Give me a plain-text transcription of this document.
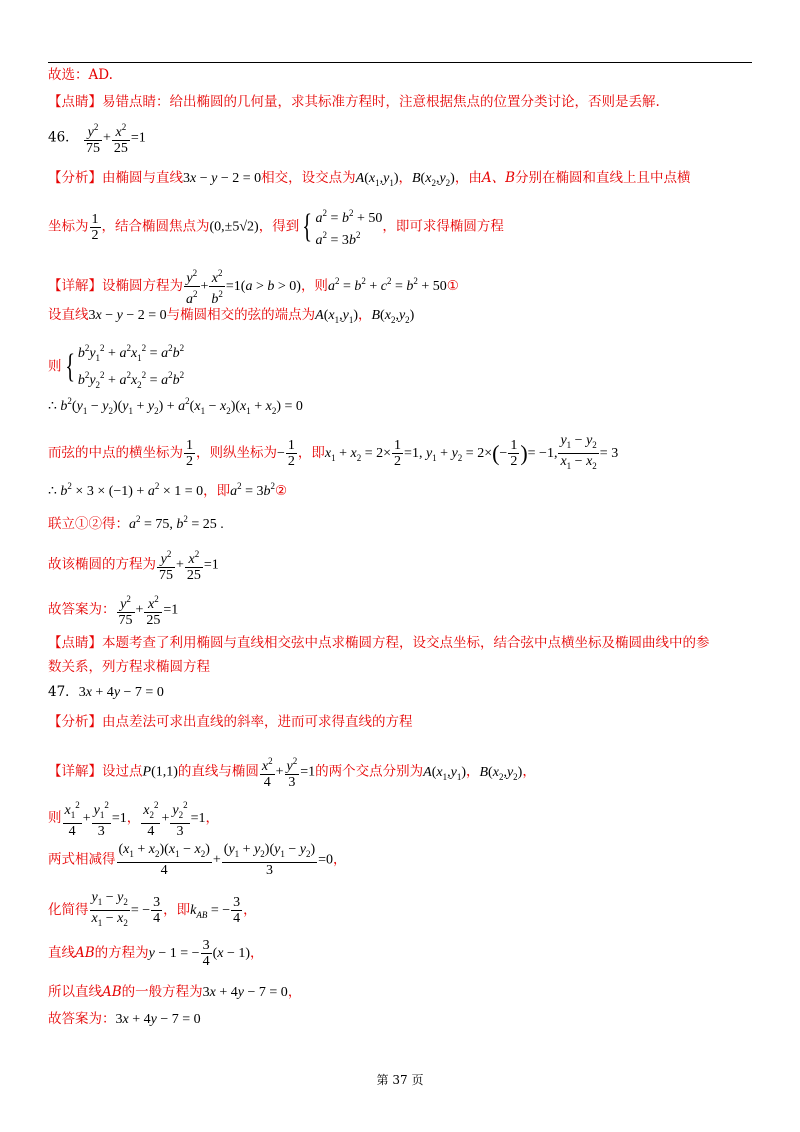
故选：AD.
【点睛】易错点睛：给出椭圆的几何量，求其标准方程时，注意根据焦点的位置分类讨论，否则是丢解.
46． $\frac{y^2}{75} + \frac{x^2}{25} =1$
【分析】由椭圆与直线3x − y − 2 = 0相交，设交点为$A(x_1,y_1)$，$B(x_2,y_2)$，由A、B分别在椭圆和直线上且中点横
坐标为 $\frac{1}{2}$ ，结合椭圆焦点为(0,±5√2)，得到{ $a^2 = b^2 + 50$
$a^2 = 3b^2$，即可求得椭圆方程
【详解】设椭圆方程为 $\frac{y^2}{a^2} + \frac{x^2}{b^2} =1(a > b > 0)$，则$a^2 = b^2 + c^2 = b^2$ + 50①
设直线3x − y − 2 = 0与椭圆相交的弦的端点为$A(x_1,y_1)$，$B(x_2,y_2)$
则{ $b^2y_1^2 + a^2x_1^2 = a^2b^2$
$b^2y_2^2 + a^2x_2^2 = a^2b^2$
∴ $b^2(y_1 - y_2)(y_1 + y_2) + a^2(x_1 - x_2)(x_1 + x_2) = 0$
而弦的中点的横坐标为 $\frac{1}{2}$ ，则纵坐标为− $\frac{1}{2}$ ，即$x_1 + x_2 = 2\times \frac{1}{2} =1$, $y_1 + y_2 = 2\times(- \frac{1}{2}$ )= −1, $\frac{y_1 - y_2}{x_1 - x_2} = 3$
∴ $b^2 \times 3 \times (-1) + a^2 \times 1 = 0$，即$a^2$ = $3b^2②$
联立①②得：$a^2 = 75$, $b^2 = 25$ .
故该椭圆的方程为 $\frac{y^2}{75} + \frac{x^2}{25} =1$
故答案为： $\frac{y^2}{75} + \frac{x^2}{25} =1$
【点睛】本题考查了利用椭圆与直线相交弦中点求椭圆方程，设交点坐标，结合弦中点横坐标及椭圆曲线中的参
数关系，列方程求椭圆方程
47．3x + 4y − 7 = 0
【分析】由点差法可求出直线的斜率，进而可求得直线的方程
【详解】设过点P(1,1)的直线与椭圆 $\frac{x^2}{4} + \frac{y^2}{3} =1$的两个交点分别为$A(x_1,y_1)$，$B(x_2,y_2)$，
则 $\frac{x_1^2}{4} + \frac{y_1^2}{3} =1$， $\frac{x_2^2}{4} + \frac{y_2^2}{3} =1$，
两式相减得 $\frac{(x_1 + x_2)(x_1 - x_2)}{4} + \frac{(y_1 + y_2)(y_1 - y_2)}{3} =0$，
化简得 $\frac{y_1 - y_2}{x_1 - x_2}$ = − $\frac{3}{4}$ ，即$k_{AB}$ = − $\frac{3}{4}$ ，
直线AB的方程为y − 1 = − $\frac{3}{4} (x - 1)$，
所以直线AB的一般方程为3x + 4y − 7 = 0，
故答案为：3x + 4y − 7 = 0
第 37 页
